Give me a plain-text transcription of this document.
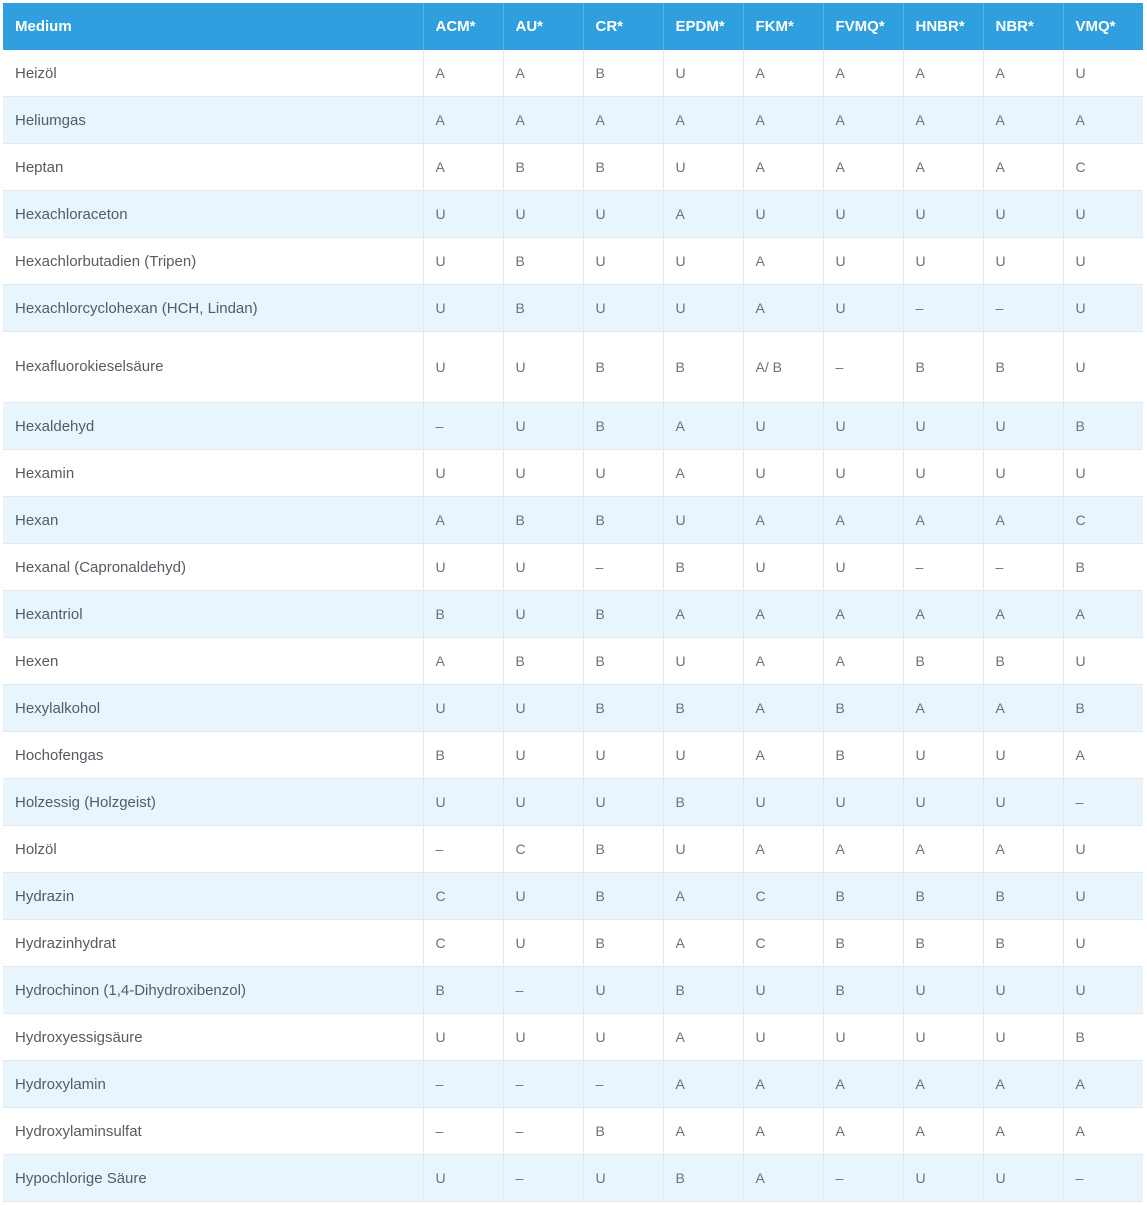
Medium	ACM*	AU*	CR*	EPDM*	FKM*	FVMQ*	HNBR*	NBR*	VMQ*
Heizöl	A	A	B	U	A	A	A	A	U
Heliumgas	A	A	A	A	A	A	A	A	A
Heptan	A	B	B	U	A	A	A	A	C
Hexachloraceton	U	U	U	A	U	U	U	U	U
Hexachlorbutadien (Tripen)	U	B	U	U	A	U	U	U	U
Hexachlorcyclohexan (HCH, Lindan)	U	B	U	U	A	U	–	–	U
Hexafluorokieselsäure	U	U	B	B	A/ B	–	B	B	U
Hexaldehyd	–	U	B	A	U	U	U	U	B
Hexamin	U	U	U	A	U	U	U	U	U
Hexan	A	B	B	U	A	A	A	A	C
Hexanal (Capronaldehyd)	U	U	–	B	U	U	–	–	B
Hexantriol	B	U	B	A	A	A	A	A	A
Hexen	A	B	B	U	A	A	B	B	U
Hexylalkohol	U	U	B	B	A	B	A	A	B
Hochofengas	B	U	U	U	A	B	U	U	A
Holzessig (Holzgeist)	U	U	U	B	U	U	U	U	–
Holzöl	–	C	B	U	A	A	A	A	U
Hydrazin	C	U	B	A	C	B	B	B	U
Hydrazinhydrat	C	U	B	A	C	B	B	B	U
Hydrochinon (1,4-Dihydroxibenzol)	B	–	U	B	U	B	U	U	U
Hydroxyessigsäure	U	U	U	A	U	U	U	U	B
Hydroxylamin	–	–	–	A	A	A	A	A	A
Hydroxylaminsulfat	–	–	B	A	A	A	A	A	A
Hypochlorige Säure	U	–	U	B	A	–	U	U	–
